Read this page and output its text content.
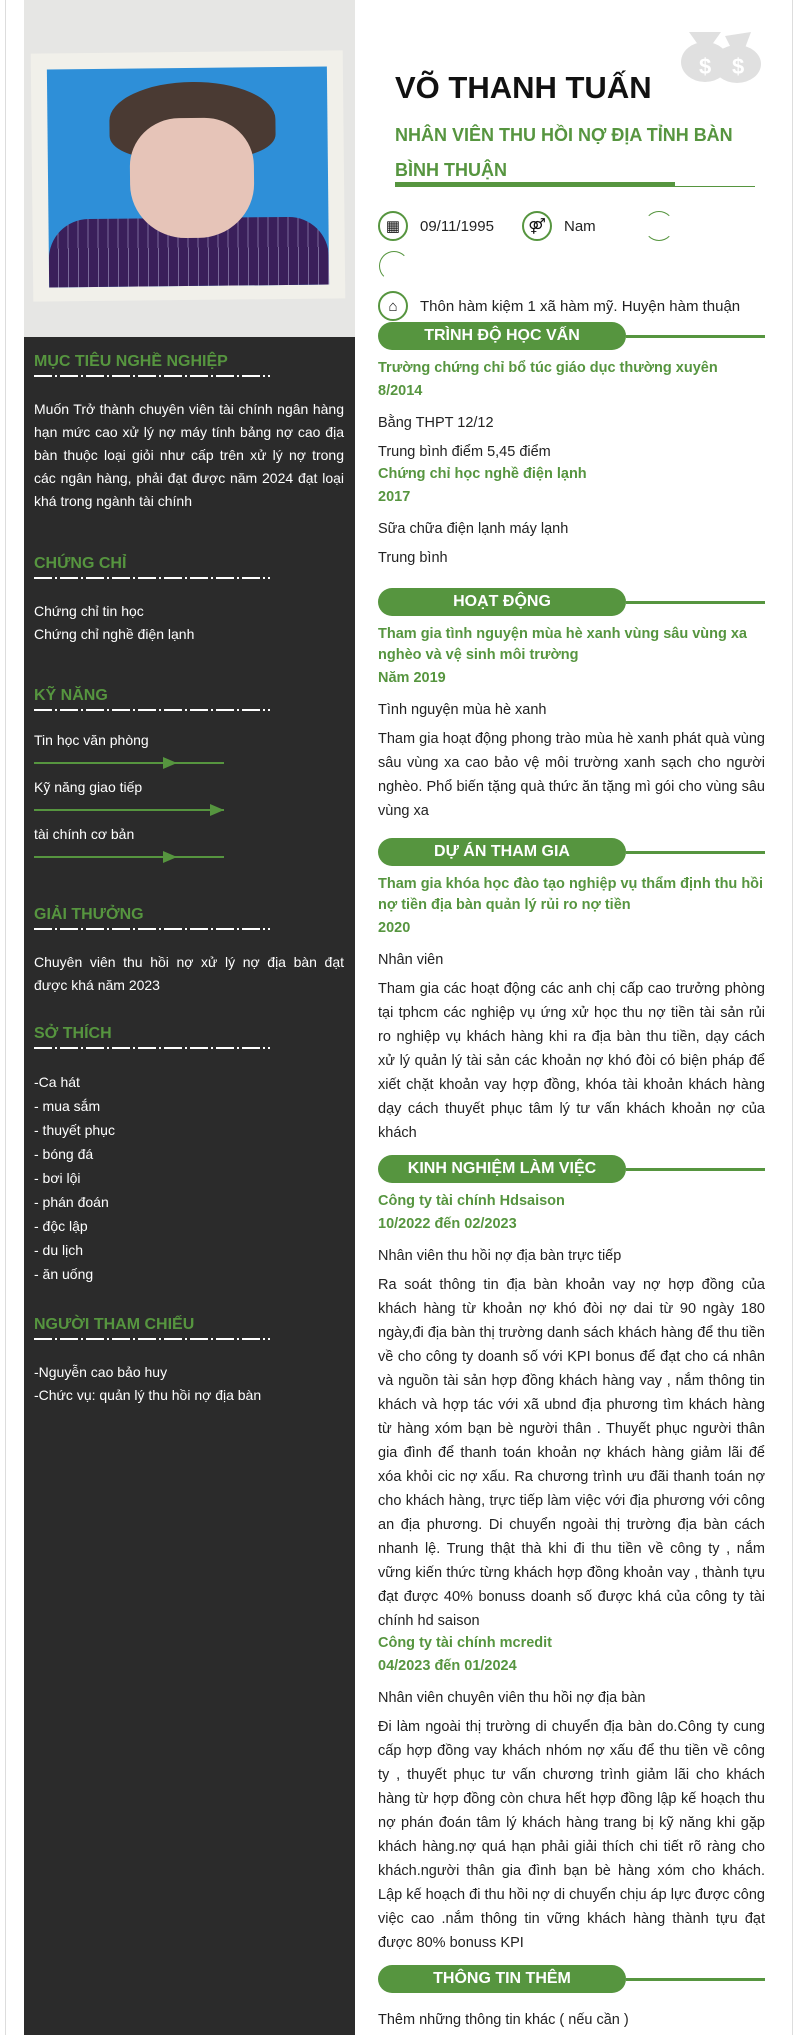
MỤC TIÊU NGHỀ NGHIỆP
Muốn Trở thành chuyên viên tài chính ngân hàng hạn mức cao xử lý nợ máy tính bảng nợ cao địa bàn thuộc loại giỏi như cấp trên xử lý nợ trong các ngân hàng, phải đạt được năm 2024 đạt loại khá trong ngành tài chính
CHỨNG CHỈ
Chứng chỉ tin học
Chứng chỉ nghề điện lạnh
KỸ NĂNG
Tin học văn phòng
Kỹ năng giao tiếp
tài chính cơ bản
GIẢI THƯỞNG
Chuyên viên thu hồi nợ xử lý nợ địa bàn đạt được khá năm 2023
SỞ THÍCH
-Ca hát
- mua sắm
- thuyết phục
- bóng đá
- bơi lội
- phán đoán
- độc lập
- du lịch
- ăn uống
NGƯỜI THAM CHIẾU
-Nguyễn cao bảo huy
-Chức vụ: quản lý thu hồi nợ địa bàn
$ $
VÕ THANH TUẤN
NHÂN VIÊN THU HỒI NỢ ĐỊA TỈNH BÀN BÌNH THUẬN
▦	09/11/1995	⚤	Nam
⌂	Thôn hàm kiệm 1 xã hàm mỹ. Huyện hàm thuận
TRÌNH ĐỘ HỌC VẤN
Trường chứng chỉ bổ túc giáo dục thường xuyên
8/2014
Bằng THPT 12/12
Trung bình điểm 5,45 điểm
Chứng chỉ học nghề điện lạnh
2017
Sữa chữa điện lạnh máy lạnh
Trung bình
HOẠT ĐỘNG
Tham gia tình nguyện mùa hè xanh vùng sâu vùng xa nghèo và vệ sinh môi trường
Năm 2019
Tình nguyện mùa hè xanh
Tham gia hoạt động phong trào mùa hè xanh phát quà vùng sâu vùng xa cao bảo vệ môi trường xanh sạch cho người nghèo. Phổ biến tặng quà thức ăn tặng mì gói cho vùng sâu vùng xa
DỰ ÁN THAM GIA
Tham gia khóa học đào tạo nghiệp vụ thẩm định thu hồi nợ tiền địa bàn quản lý rủi ro nợ tiền
2020
Nhân viên
Tham gia các hoạt động các anh chị cấp cao trưởng phòng tại tphcm các nghiệp vụ ứng xử học thu nợ tiền tài sản rủi ro nghiệp vụ khách hàng khi ra địa bàn thu tiền, dạy cách xử lý quản lý tài sản các khoản nợ khó đòi có biện pháp để xiết chặt khoản vay hợp đồng, khóa tài khoản khách hàng dạy cách thuyết phục tâm lý tư vấn khách khoản nợ của khách
KINH NGHIỆM LÀM VIỆC
Công ty tài chính Hdsaison
10/2022 đến 02/2023
Nhân viên thu hồi nợ địa bàn trực tiếp
Ra soát thông tin địa bàn khoản vay nợ hợp đồng của khách hàng từ khoản nợ khó đòi nợ dai từ 90 ngày 180 ngày,đi địa bàn thị trường danh sách khách hàng để thu tiền về cho công ty doanh số với KPI bonus để đạt cho cá nhân và nguồn tài sản hợp đồng khách hàng vay , nắm thông tin khách và hợp tác với xã ubnd địa phương tìm khách hàng từ hàng xóm bạn bè người thân . Thuyết phục người thân gia đình để thanh toán khoản nợ khách hàng giảm lãi để xóa khỏi cic nợ xấu. Ra chương trình ưu đãi thanh toán nợ cho khách hàng, trực tiếp làm việc với địa phương với công an địa phương. Di chuyển ngoài thị trường địa bàn cách nhanh lệ. Trung thật thà khi đi thu tiền về công ty , nắm vững kiến thức từng khách hợp đồng khoản vay , thành tựu đạt được 40% bonuss doanh số được khá của công ty tài chính hd saison
Công ty tài chính mcredit
04/2023 đến 01/2024
Nhân viên chuyên viên thu hồi nợ địa bàn
Đi làm ngoài thị trường di chuyển địa bàn do.Công ty cung cấp hợp đồng vay khách nhóm nợ xấu để thu tiền về công ty , thuyết phục tư vấn chương trình giảm lãi cho khách hàng từ hợp đồng còn chưa hết hợp đồng lập kế hoạch thu nợ phán đoán tâm lý khách hàng trang bị kỹ năng khi gặp khách hàng.nợ quá hạn phải giải thích chi tiết rõ ràng cho khách.người thân gia đình bạn bè hàng xóm cho khách. Lập kế hoạch đi thu hồi nợ di chuyển chịu áp lực được công việc cao .nắm thông tin vững khách hàng thành tựu đạt được 80% bonuss KPI
THÔNG TIN THÊM
Thêm những thông tin khác ( nếu cần )
